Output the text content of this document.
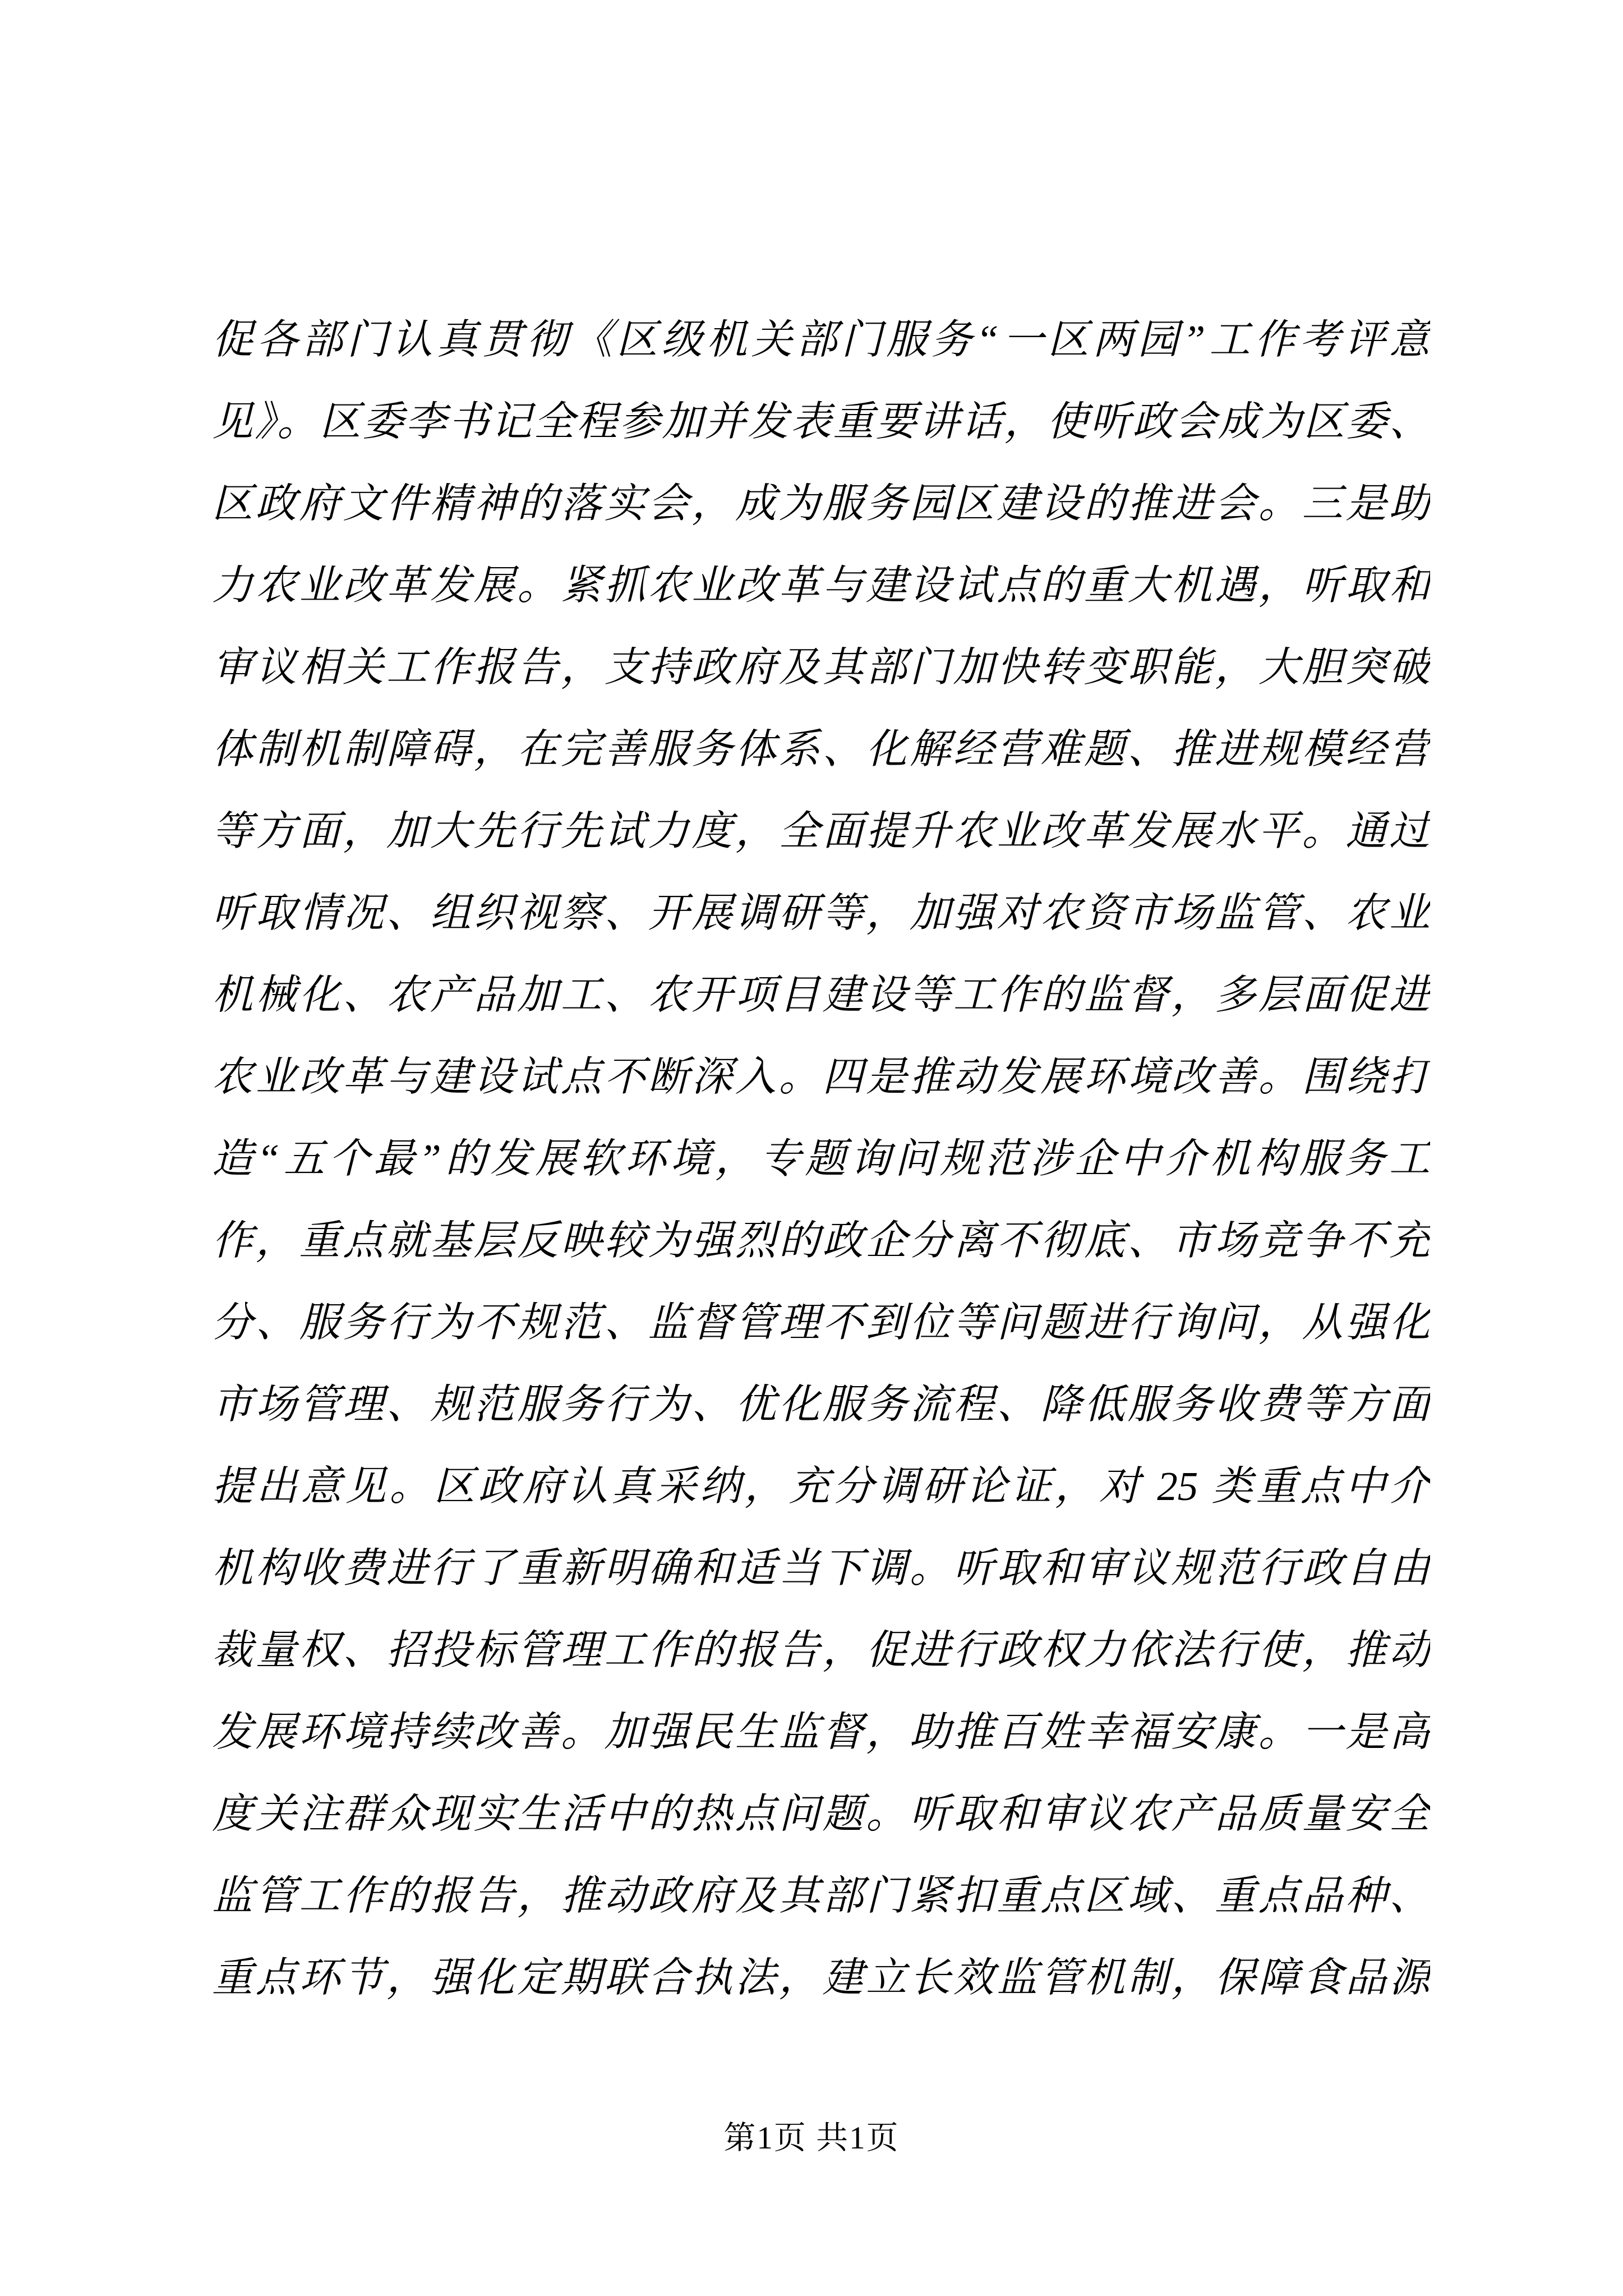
促各部门认真贯彻《区级机关部门服务“一区两园”工作考评意
见》。区委李书记全程参加并发表重要讲话，使听政会成为区委、
区政府文件精神的落实会，成为服务园区建设的推进会。三是助
力农业改革发展。紧抓农业改革与建设试点的重大机遇，听取和
审议相关工作报告，支持政府及其部门加快转变职能，大胆突破
体制机制障碍，在完善服务体系、化解经营难题、推进规模经营
等方面，加大先行先试力度，全面提升农业改革发展水平。通过
听取情况、组织视察、开展调研等，加强对农资市场监管、农业
机械化、农产品加工、农开项目建设等工作的监督，多层面促进
农业改革与建设试点不断深入。四是推动发展环境改善。围绕打
造“五个最”的发展软环境，专题询问规范涉企中介机构服务工
作，重点就基层反映较为强烈的政企分离不彻底、市场竞争不充
分、服务行为不规范、监督管理不到位等问题进行询问，从强化
市场管理、规范服务行为、优化服务流程、降低服务收费等方面
提出意见。区政府认真采纳，充分调研论证，对 25 类重点中介
机构收费进行了重新明确和适当下调。听取和审议规范行政自由
裁量权、招投标管理工作的报告，促进行政权力依法行使，推动
发展环境持续改善。加强民生监督，助推百姓幸福安康。一是高
度关注群众现实生活中的热点问题。听取和审议农产品质量安全
监管工作的报告，推动政府及其部门紧扣重点区域、重点品种、
重点环节，强化定期联合执法，建立长效监管机制，保障食品源
第1页 共1页
